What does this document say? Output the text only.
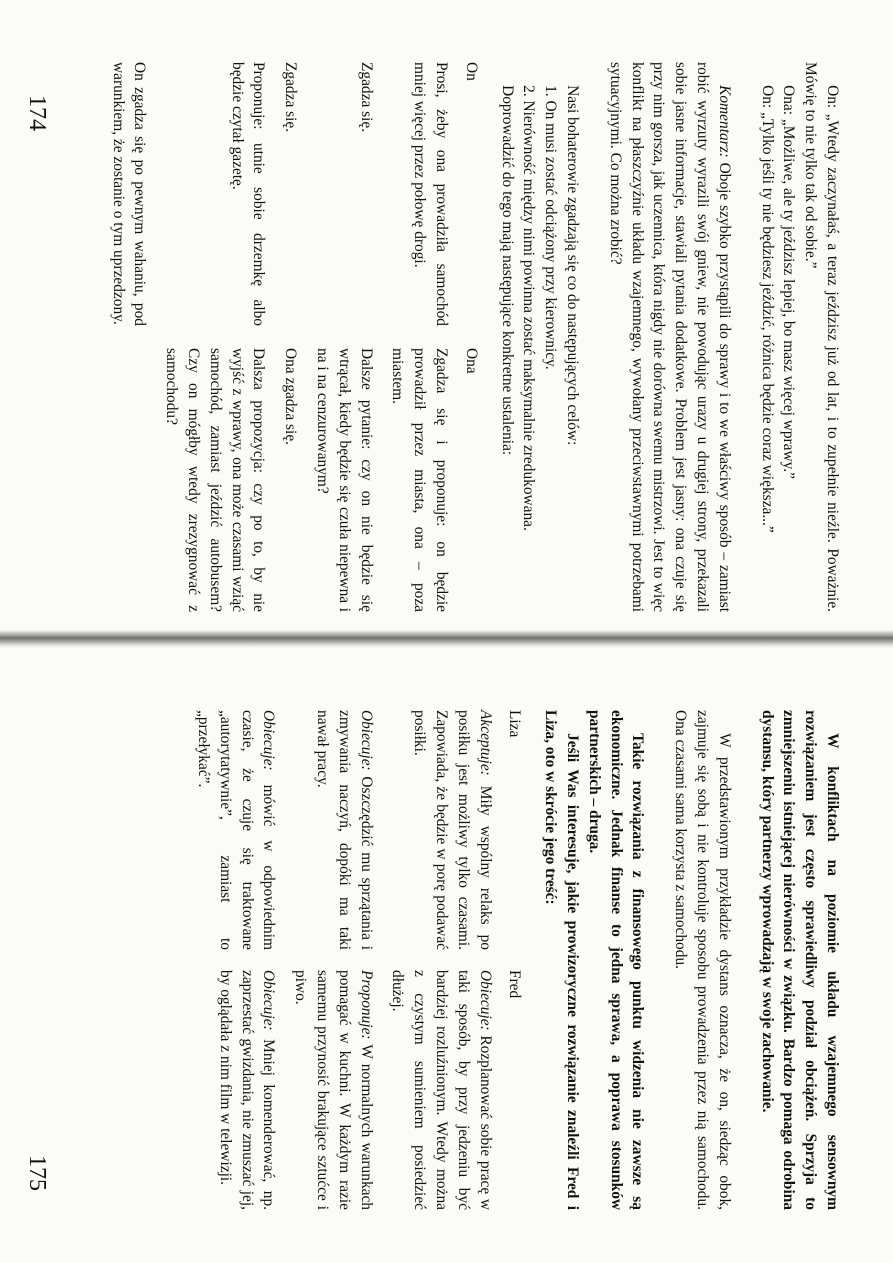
On: „Wtedy zaczynałaś, a teraz jeździsz już od lat, i to zupełnie nieźle. Poważnie. Mówię to nie tylko tak od sobie.”

Ona: „Możliwe, ale ty jeździsz lepiej, bo masz więcej wprawy.”

On: „Tylko jeśli ty nie będziesz jeździć, różnica będzie coraz większa...”

Komentarz: Oboje szybko przystąpili do sprawy i to we właściwy sposób – zamiast robić wyrzuty wyrazili swój gniew, nie powodując urazy u drugiej strony, przekazali sobie jasne informacje, stawiali pytania dodatkowe. Problem jest jasny: ona czuje się przy nim gorsza, jak uczennica, która nigdy nie dorówna swemu mistrzowi. Jest to więc konflikt na płaszczyźnie układu wzajemnego, wywołany przeciwstawnymi potrzebami sytuacyjnymi. Co można zrobić?

Nasi bohaterowie zgadzają się co do następujących celów:

1. On musi zostać odciążony przy kierownicy.

2. Nierówność między nimi powinna zostać maksymalnie zredukowana.

Doprowadzić do tego mają następujące konkretne ustalenia:

On
Ona
Prosi, żeby ona prowadziła samochód mniej więcej przez połowę drogi.
Zgadza się i proponuje: on będzie prowadził przez miasta, ona – poza miastem.
Zgadza się.
Dalsze pytanie: czy on nie będzie się wtrącał, kiedy będzie się czuła niepewna i na i na cenzurowanym?
Zgadza się.
Ona zgadza się.
Proponuje: utnie sobie drzemkę albo będzie czytał gazetę.
Dalsza propozycja: czy po to, by nie wyjść z wprawy, ona może czasami wziąć samochód, zamiast jeździć autobusem? Czy on mógłby wtedy zrezygnować z samochodu?
On zgadza się po pewnym wahaniu, pod warunkiem, że zostanie o tym uprzedzony.
174

W konfliktach na poziomie układu wzajemnego sensownym rozwiązaniem jest często sprawiedliwy podział obciążeń. Sprzyja to zmniejszeniu istniejącej nierówności w związku. Bardzo pomaga odrobina dystansu, który partnerzy wprowadzają w swoje zachowanie.

W przedstawionym przykładzie dystans oznacza, że on, siedząc obok, zajmuje się sobą i nie kontroluje sposobu prowadzenia przez nią samochodu. Ona czasami sama korzysta z samochodu.

Takie rozwiązania z finansowego punktu widzenia nie zawsze są ekonomiczne. Jednak finanse to jedna sprawa, a poprawa stosunków partnerskich – druga.

Jeśli Was interesuje, jakie prowizoryczne rozwiązanie znaleźli Fred i Liza, oto w skrócie jego treść:

Liza
Fred
Akceptuje: Miły wspólny relaks po posiłku jest możliwy tylko czasami. Zapowiada, że będzie w porę podawać posiłki.
Obiecuje: Rozplanować sobie pracę w taki sposób, by przy jedzeniu być bardziej rozluźnionym. Wtedy można z czystym sumieniem posiedzieć dłużej.
Obiecuje: Oszczędzić mu sprzątania i zmywania naczyń, dopóki ma taki nawał pracy.
Proponuje: W normalnych warunkach pomagać w kuchni. W każdym razie samemu przynosić brakujące sztućce i piwo.
Obiecuje: mówić w odpowiednim czasie, że czuje się traktowane „autorytatywnie”, zamiast to „przełykać”.
Obiecuje: Mniej komenderować, np. zaprzestać gwizdania, nie zmuszać jej, by oglądała z nim film w telewizji.
175
